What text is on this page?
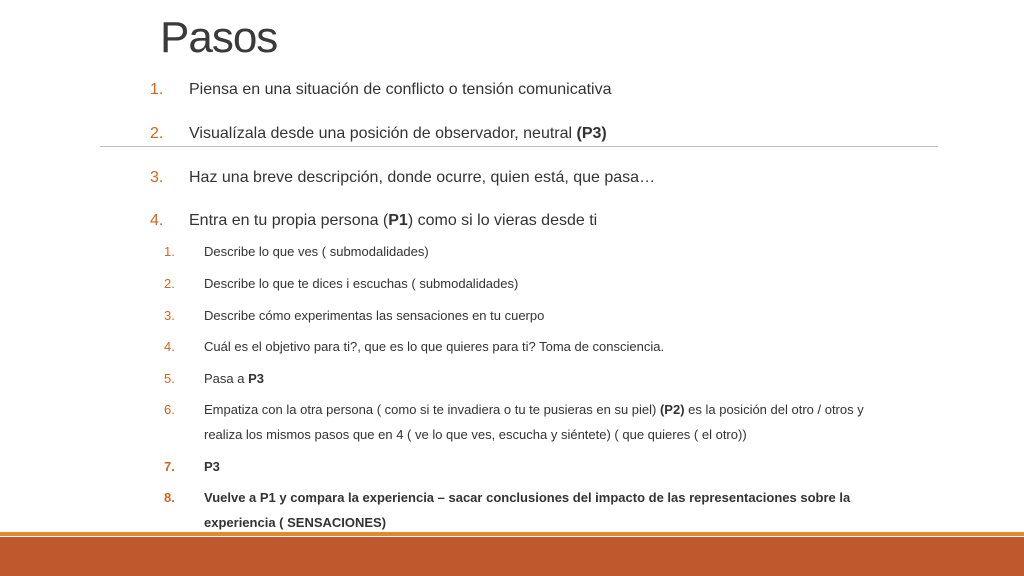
Pasos
1.	Piensa en una situación de conflicto o tensión comunicativa
2.	Visualízala desde una posición de observador, neutral (P3)
3.	Haz una breve descripción, donde ocurre, quien está, que pasa…
4.	Entra en tu propia persona (P1) como si lo vieras desde ti
1.	Describe lo que ves ( submodalidades)
2.	Describe lo que te dices i escuchas ( submodalidades)
3.	Describe cómo experimentas las sensaciones en tu cuerpo
4.	Cuál es el objetivo para ti?, que es lo que quieres para ti? Toma de consciencia.
5.	Pasa a P3
6.	Empatiza con la otra persona ( como si te invadiera o tu te pusieras en su piel) (P2) es la posición del otro / otros y realiza los mismos pasos que en 4 ( ve lo que ves, escucha y siéntete) ( que quieres ( el otro))
7.	P3
8.	Vuelve a P1 y compara la experiencia – sacar conclusiones del impacto de las representaciones sobre la experiencia ( SENSACIONES)
